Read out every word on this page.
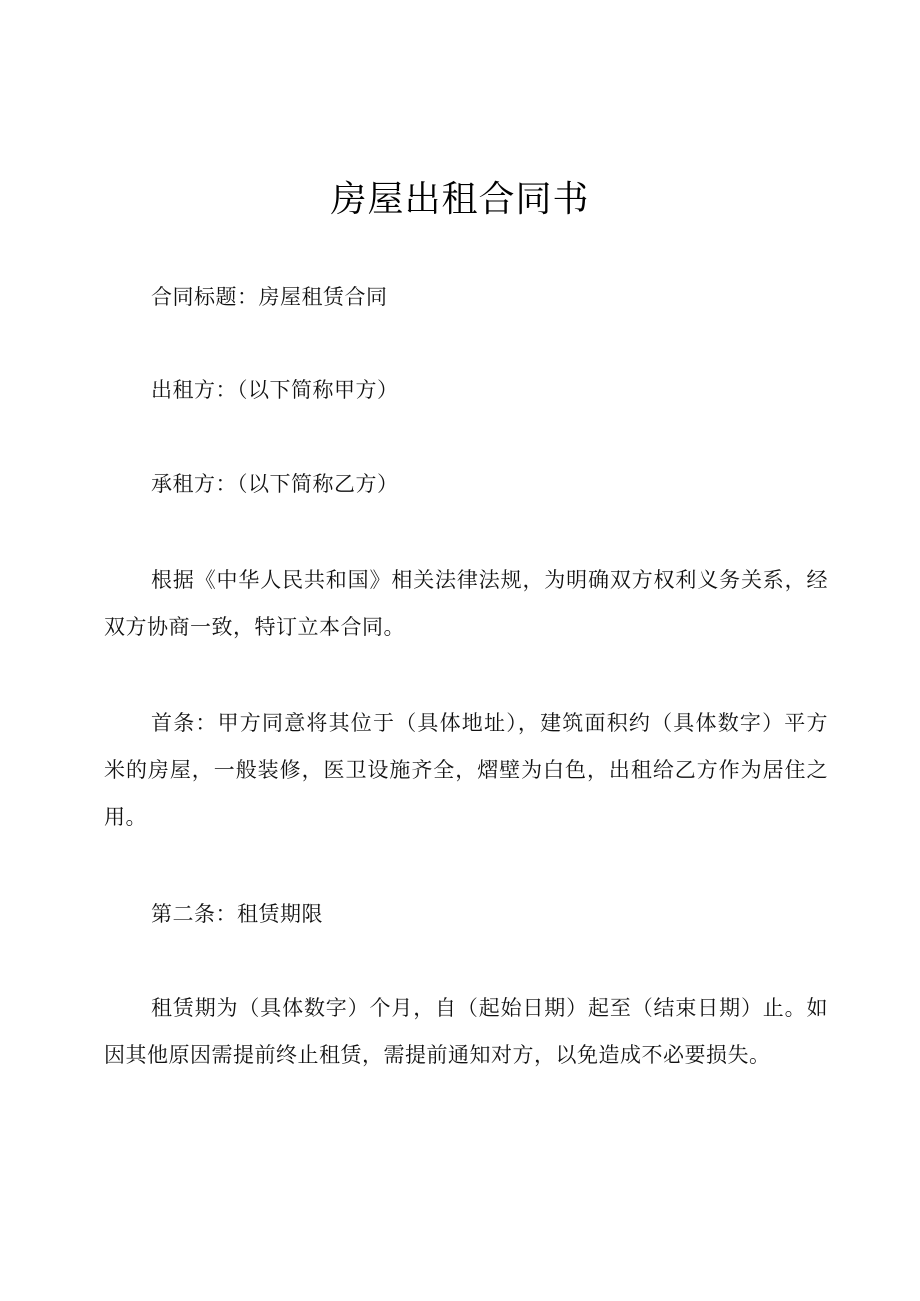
房屋出租合同书

合同标题：房屋租赁合同

出租方：（以下简称甲方）

承租方：（以下简称乙方）

根据《中华人民共和国》相关法律法规，为明确双方权利义务关系，经双方协商一致，特订立本合同。

首条：甲方同意将其位于（具体地址），建筑面积约（具体数字）平方米的房屋，一般装修，医卫设施齐全，熠壁为白色，出租给乙方作为居住之用。

第二条：租赁期限

租赁期为（具体数字）个月，自（起始日期）起至（结束日期）止。如因其他原因需提前终止租赁，需提前通知对方，以免造成不必要损失。
